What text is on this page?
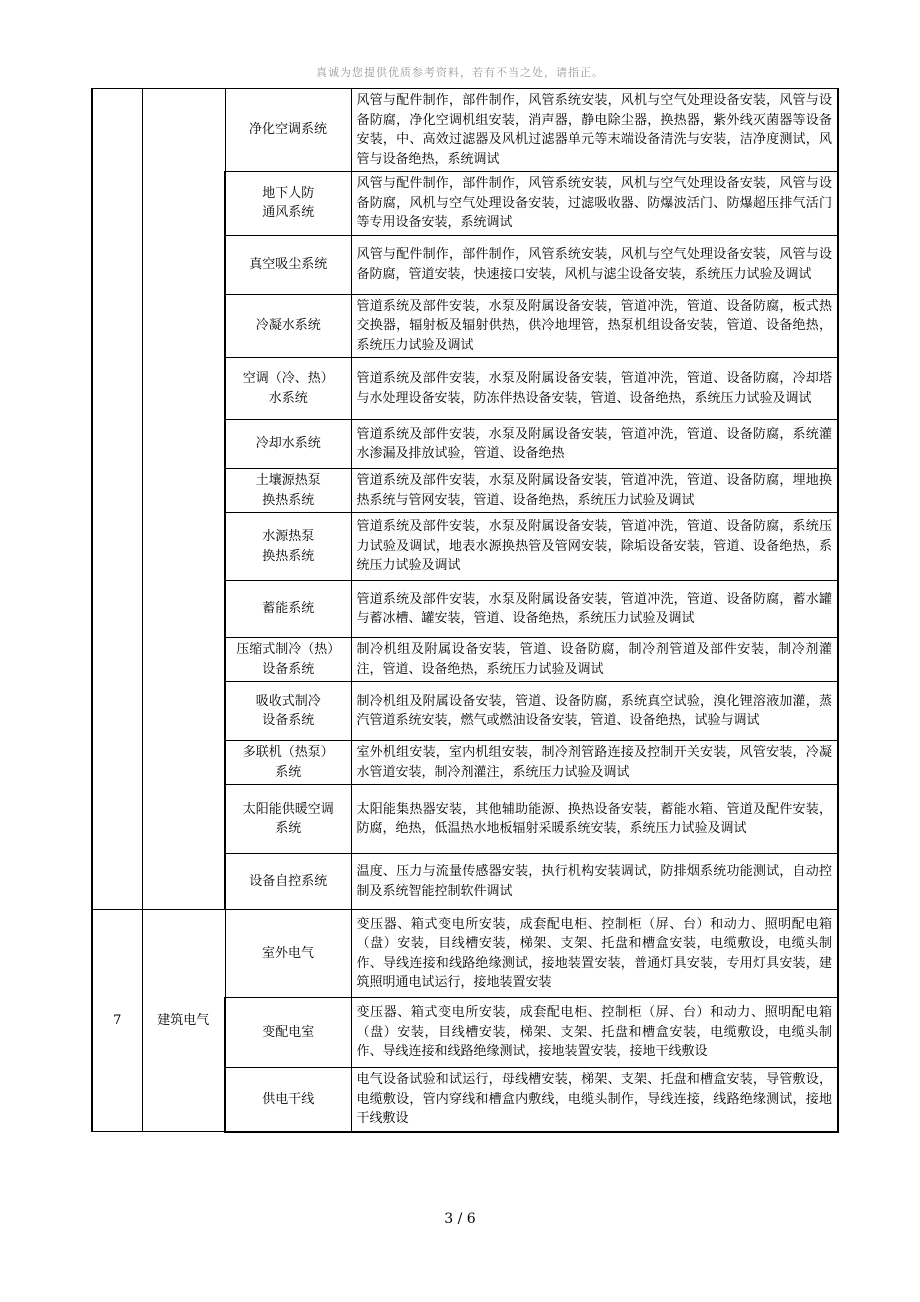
真诚为您提供优质参考资料，若有不当之处，请指正。
		净化空调系统	风管与配件制作，部件制作，风管系统安装，风机与空气处理设备安装，风管与设备防腐，净化空调机组安装，消声器，静电除尘器，换热器，紫外线灭菌器等设备安装，中、高效过滤器及风机过滤器单元等末端设备清洗与安装，洁净度测试，风管与设备绝热，系统调试
		地下人防
通风系统	风管与配件制作，部件制作，风管系统安装，风机与空气处理设备安装，风管与设备防腐，风机与空气处理设备安装，过滤吸收器、防爆波活门、防爆超压排气活门等专用设备安装，系统调试
		真空吸尘系统	风管与配件制作，部件制作，风管系统安装，风机与空气处理设备安装，风管与设备防腐，管道安装，快速接口安装，风机与滤尘设备安装，系统压力试验及调试
		冷凝水系统	管道系统及部件安装，水泵及附属设备安装，管道冲洗，管道、设备防腐，板式热交换器，辐射板及辐射供热，供冷地埋管，热泵机组设备安装，管道、设备绝热，系统压力试验及调试
		空调（冷、热）
水系统	管道系统及部件安装，水泵及附属设备安装，管道冲洗，管道、设备防腐，冷却塔与水处理设备安装，防冻伴热设备安装，管道、设备绝热，系统压力试验及调试
		冷却水系统	管道系统及部件安装，水泵及附属设备安装，管道冲洗，管道、设备防腐，系统灌水渗漏及排放试验，管道、设备绝热
		土壤源热泵
换热系统	管道系统及部件安装，水泵及附属设备安装，管道冲洗，管道、设备防腐，埋地换热系统与管网安装，管道、设备绝热，系统压力试验及调试
		水源热泵
换热系统	管道系统及部件安装，水泵及附属设备安装，管道冲洗，管道、设备防腐，系统压力试验及调试，地表水源换热管及管网安装，除垢设备安装，管道、设备绝热，系统压力试验及调试
		蓄能系统	管道系统及部件安装，水泵及附属设备安装，管道冲洗，管道、设备防腐，蓄水罐与蓄冰槽、罐安装，管道、设备绝热，系统压力试验及调试
		压缩式制冷（热）
设备系统	制冷机组及附属设备安装，管道、设备防腐，制冷剂管道及部件安装，制冷剂灌注，管道、设备绝热，系统压力试验及调试
		吸收式制冷
设备系统	制冷机组及附属设备安装，管道、设备防腐，系统真空试验，溴化锂溶液加灌，蒸汽管道系统安装，燃气或燃油设备安装，管道、设备绝热，试验与调试
		多联机（热泵）
系统	室外机组安装，室内机组安装，制冷剂管路连接及控制开关安装，风管安装，冷凝水管道安装，制冷剂灌注，系统压力试验及调试
		太阳能供暖空调
系统	太阳能集热器安装，其他辅助能源、换热设备安装，蓄能水箱、管道及配件安装，防腐，绝热，低温热水地板辐射采暖系统安装，系统压力试验及调试
		设备自控系统	温度、压力与流量传感器安装，执行机构安装调试，防排烟系统功能测试，自动控制及系统智能控制软件调试
7	建筑电气	室外电气	变压器、箱式变电所安装，成套配电柜、控制柜（屏、台）和动力、照明配电箱（盘）安装，目线槽安装，梯架、支架、托盘和槽盒安装，电缆敷设，电缆头制作、导线连接和线路绝缘测试，接地装置安装，普通灯具安装，专用灯具安装，建筑照明通电试运行，接地装置安装
		变配电室	变压器、箱式变电所安装，成套配电柜、控制柜（屏、台）和动力、照明配电箱（盘）安装，目线槽安装，梯架、支架、托盘和槽盒安装，电缆敷设，电缆头制作、导线连接和线路绝缘测试，接地装置安装，接地干线敷设
		供电干线	电气设备试验和试运行，母线槽安装，梯架、支架、托盘和槽盒安装，导管敷设，电缆敷设，管内穿线和槽盒内敷线，电缆头制作，导线连接，线路绝缘测试，接地干线敷设
3 / 6
